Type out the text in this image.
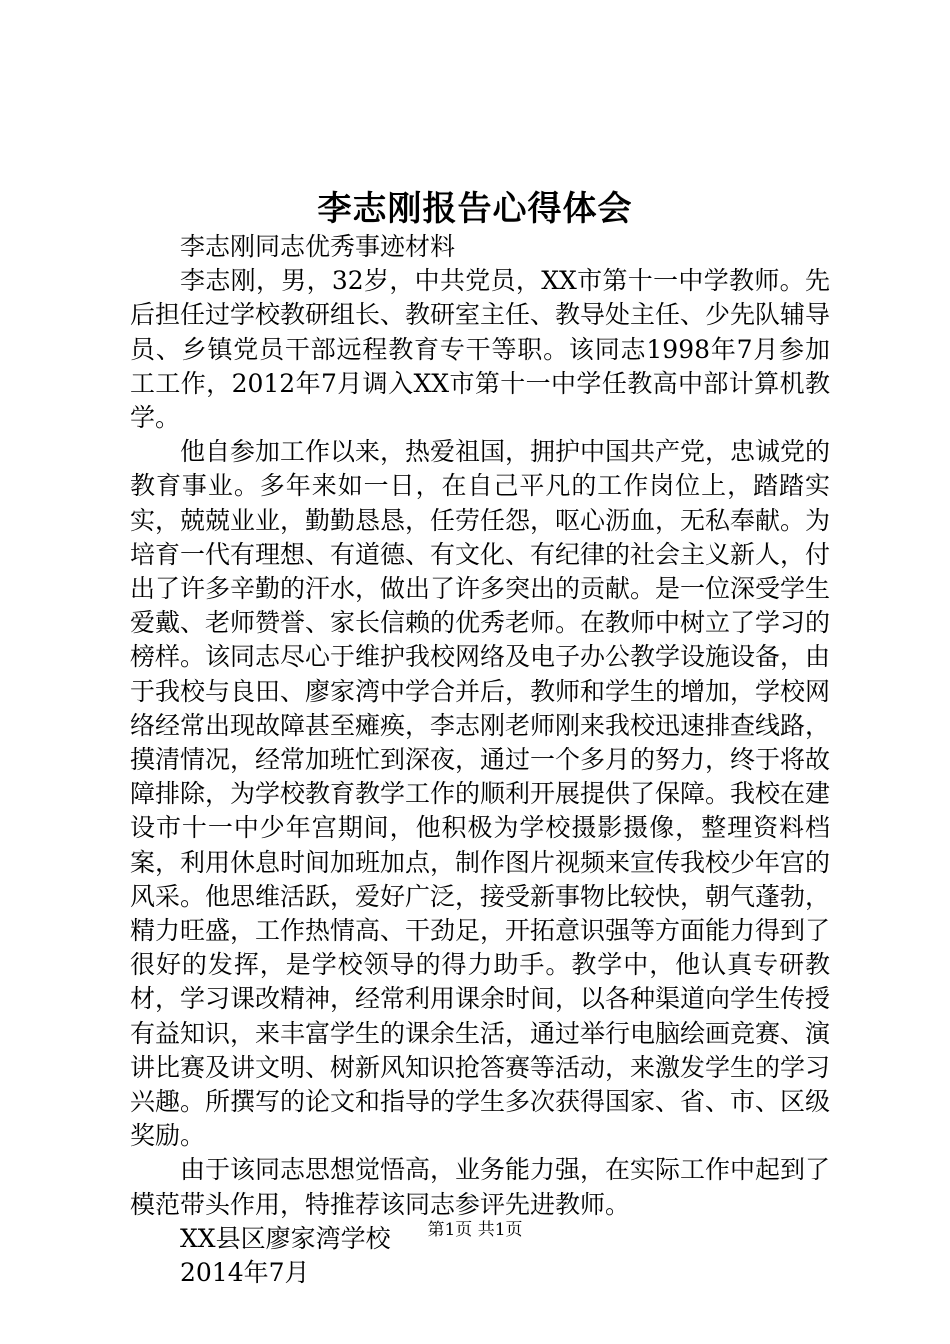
李志刚报告心得体会

李志刚同志优秀事迹材料

李志刚，男，32岁，中共党员，XX市第十一中学教师。先后担任过学校教研组长、教研室主任、教导处主任、少先队辅导员、乡镇党员干部远程教育专干等职。该同志1998年7月参加工工作，2012年7月调入XX市第十一中学任教高中部计算机教学。

他自参加工作以来，热爱祖国，拥护中国共产党，忠诚党的教育事业。多年来如一日，在自己平凡的工作岗位上，踏踏实实，兢兢业业，勤勤恳恳，任劳任怨，呕心沥血，无私奉献。为培育一代有理想、有道德、有文化、有纪律的社会主义新人，付出了许多辛勤的汗水，做出了许多突出的贡献。是一位深受学生爱戴、老师赞誉、家长信赖的优秀老师。在教师中树立了学习的榜样。该同志尽心于维护我校网络及电子办公教学设施设备，由于我校与良田、廖家湾中学合并后，教师和学生的增加，学校网络经常出现故障甚至瘫痪，李志刚老师刚来我校迅速排查线路，摸清情况，经常加班忙到深夜，通过一个多月的努力，终于将故障排除，为学校教育教学工作的顺利开展提供了保障。我校在建设市十一中少年宫期间，他积极为学校摄影摄像，整理资料档案，利用休息时间加班加点，制作图片视频来宣传我校少年宫的风采。他思维活跃，爱好广泛，接受新事物比较快，朝气蓬勃，精力旺盛，工作热情高、干劲足，开拓意识强等方面能力得到了很好的发挥，是学校领导的得力助手。教学中，他认真专研教材，学习课改精神，经常利用课余时间，以各种渠道向学生传授有益知识，来丰富学生的课余生活，通过举行电脑绘画竞赛、演讲比赛及讲文明、树新风知识抢答赛等活动，来激发学生的学习兴趣。所撰写的论文和指导的学生多次获得国家、省、市、区级奖励。

由于该同志思想觉悟高，业务能力强，在实际工作中起到了模范带头作用，特推荐该同志参评先进教师。

XX县区廖家湾学校

2014年7月

第1页 共1页
